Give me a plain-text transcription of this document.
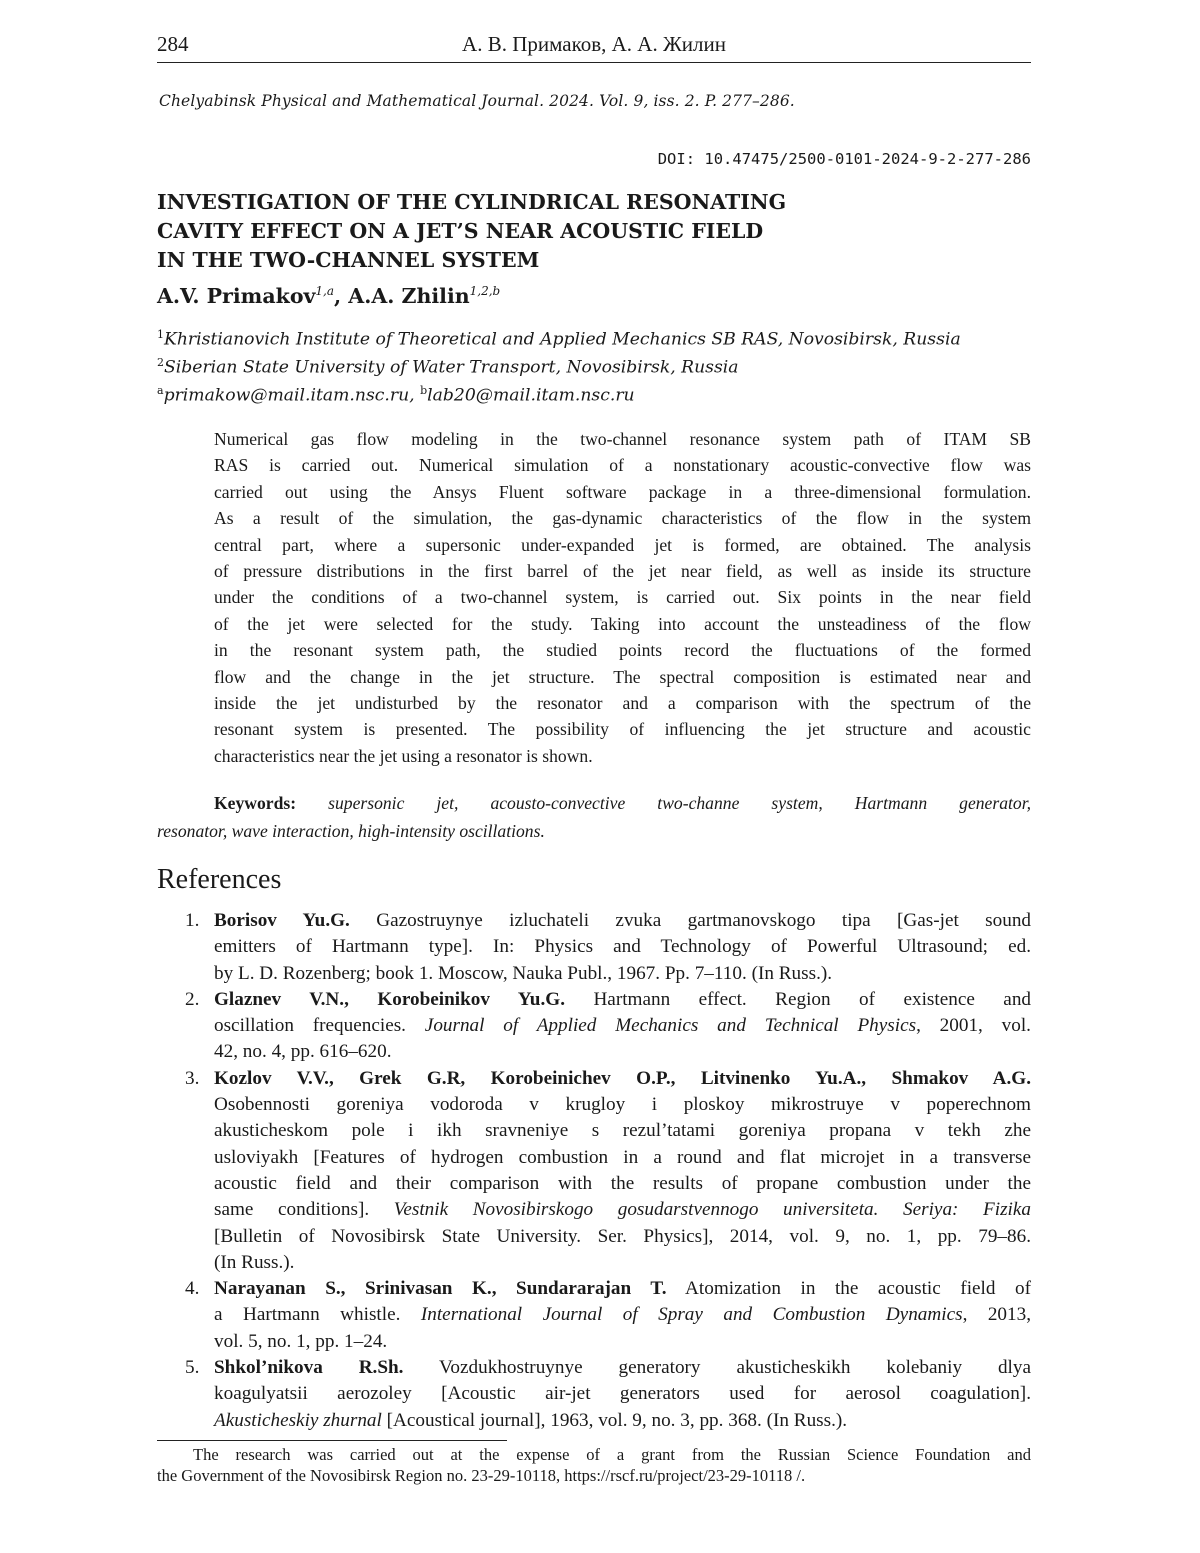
284	А. В. Примаков, А. А. Жилин
Chelyabinsk Physical and Mathematical Journal. 2024. Vol. 9, iss. 2. P. 277–286.
DOI: 10.47475/2500-0101-2024-9-2-277-286
INVESTIGATION OF THE CYLINDRICAL RESONATING
CAVITY EFFECT ON A JET’S NEAR ACOUSTIC FIELD
IN THE TWO-CHANNEL SYSTEM
A.V. Primakov$^{1,a}$, A.A. Zhilin$^{1,2,b}$
$^1$Khristianovich Institute of Theoretical and Applied Mechanics SB RAS, Novosibirsk, Russia
$^2$Siberian State University of Water Transport, Novosibirsk, Russia
$^a$primakow@mail.itam.nsc.ru, $^b$lab20@mail.itam.nsc.ru
Numerical gas flow modeling in the two-channel resonance system path of ITAM SB
RAS is carried out. Numerical simulation of a nonstationary acoustic-convective flow was
carried out using the Ansys Fluent software package in a three-dimensional formulation.
As a result of the simulation, the gas-dynamic characteristics of the flow in the system
central part, where a supersonic under-expanded jet is formed, are obtained. The analysis
of pressure distributions in the first barrel of the jet near field, as well as inside its structure
under the conditions of a two-channel system, is carried out. Six points in the near field
of the jet were selected for the study. Taking into account the unsteadiness of the flow
in the resonant system path, the studied points record the fluctuations of the formed
flow and the change in the jet structure. The spectral composition is estimated near and
inside the jet undisturbed by the resonator and a comparison with the spectrum of the
resonant system is presented. The possibility of influencing the jet structure and acoustic
characteristics near the jet using a resonator is shown.
Keywords: supersonic jet, acousto-convective two-channe system, Hartmann generator,
resonator, wave interaction, high-intensity oscillations.
References
1. Borisov Yu.G. Gazostruynye izluchateli zvuka gartmanovskogo tipa [Gas-jet sound
emitters of Hartmann type]. In: Physics and Technology of Powerful Ultrasound; ed.
by L. D. Rozenberg; book 1. Moscow, Nauka Publ., 1967. Pp. 7–110. (In Russ.).
2. Glaznev V.N., Korobeinikov Yu.G. Hartmann effect. Region of existence and
oscillation frequencies. Journal of Applied Mechanics and Technical Physics, 2001, vol.
42, no. 4, pp. 616–620.
3. Kozlov V.V., Grek G.R, Korobeinichev O.P., Litvinenko Yu.A., Shmakov A.G.
Osobennosti goreniya vodoroda v krugloy i ploskoy mikrostruye v poperechnom
akusticheskom pole i ikh sravneniye s rezul’tatami goreniya propana v tekh zhe
usloviyakh [Features of hydrogen combustion in a round and flat microjet in a transverse
acoustic field and their comparison with the results of propane combustion under the
same conditions]. Vestnik Novosibirskogo gosudarstvennogo universiteta. Seriya: Fizika
[Bulletin of Novosibirsk State University. Ser. Physics], 2014, vol. 9, no. 1, pp. 79–86.
(In Russ.).
4. Narayanan S., Srinivasan K., Sundararajan T. Atomization in the acoustic field of
a Hartmann whistle. International Journal of Spray and Combustion Dynamics, 2013,
vol. 5, no. 1, pp. 1–24.
5. Shkol’nikova R.Sh. Vozdukhostruynye generatory akusticheskikh kolebaniy dlya
koagulyatsii aerozoley [Acoustic air-jet generators used for aerosol coagulation].
Akusticheskiy zhurnal [Acoustical journal], 1963, vol. 9, no. 3, pp. 368. (In Russ.).
The research was carried out at the expense of a grant from the Russian Science Foundation and
the Government of the Novosibirsk Region no. 23-29-10118, https://rscf.ru/project/23-29-10118 /.
